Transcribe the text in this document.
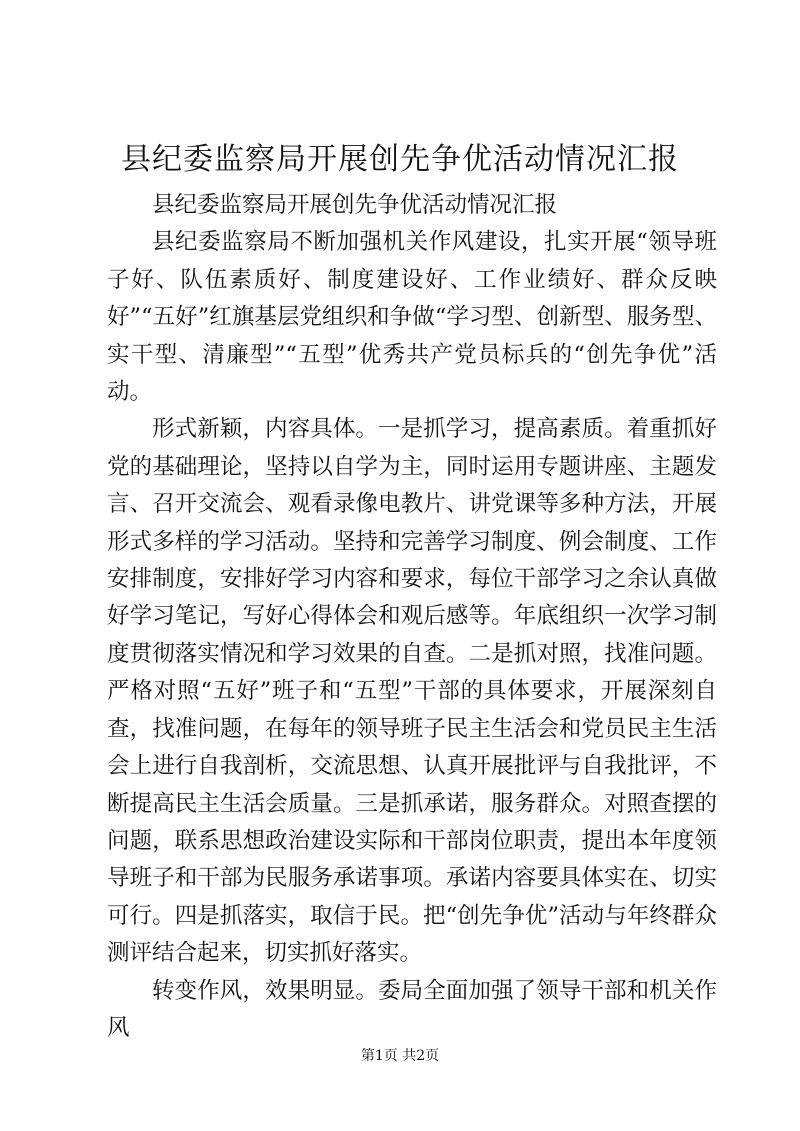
县纪委监察局开展创先争优活动情况汇报

县纪委监察局开展创先争优活动情况汇报

县纪委监察局不断加强机关作风建设，扎实开展“领导班子好、队伍素质好、制度建设好、工作业绩好、群众反映好”“五好”红旗基层党组织和争做“学习型、创新型、服务型、实干型、清廉型”“五型”优秀共产党员标兵的“创先争优”活动。

形式新颖，内容具体。一是抓学习，提高素质。着重抓好党的基础理论，坚持以自学为主，同时运用专题讲座、主题发言、召开交流会、观看录像电教片、讲党课等多种方法，开展形式多样的学习活动。坚持和完善学习制度、例会制度、工作安排制度，安排好学习内容和要求，每位干部学习之余认真做好学习笔记，写好心得体会和观后感等。年底组织一次学习制度贯彻落实情况和学习效果的自查。二是抓对照，找准问题。严格对照“五好”班子和“五型”干部的具体要求，开展深刻自查，找准问题，在每年的领导班子民主生活会和党员民主生活会上进行自我剖析，交流思想、认真开展批评与自我批评，不断提高民主生活会质量。三是抓承诺，服务群众。对照查摆的问题，联系思想政治建设实际和干部岗位职责，提出本年度领导班子和干部为民服务承诺事项。承诺内容要具体实在、切实可行。四是抓落实，取信于民。把“创先争优”活动与年终群众测评结合起来，切实抓好落实。

转变作风，效果明显。委局全面加强了领导干部和机关作风

第1页 共2页
